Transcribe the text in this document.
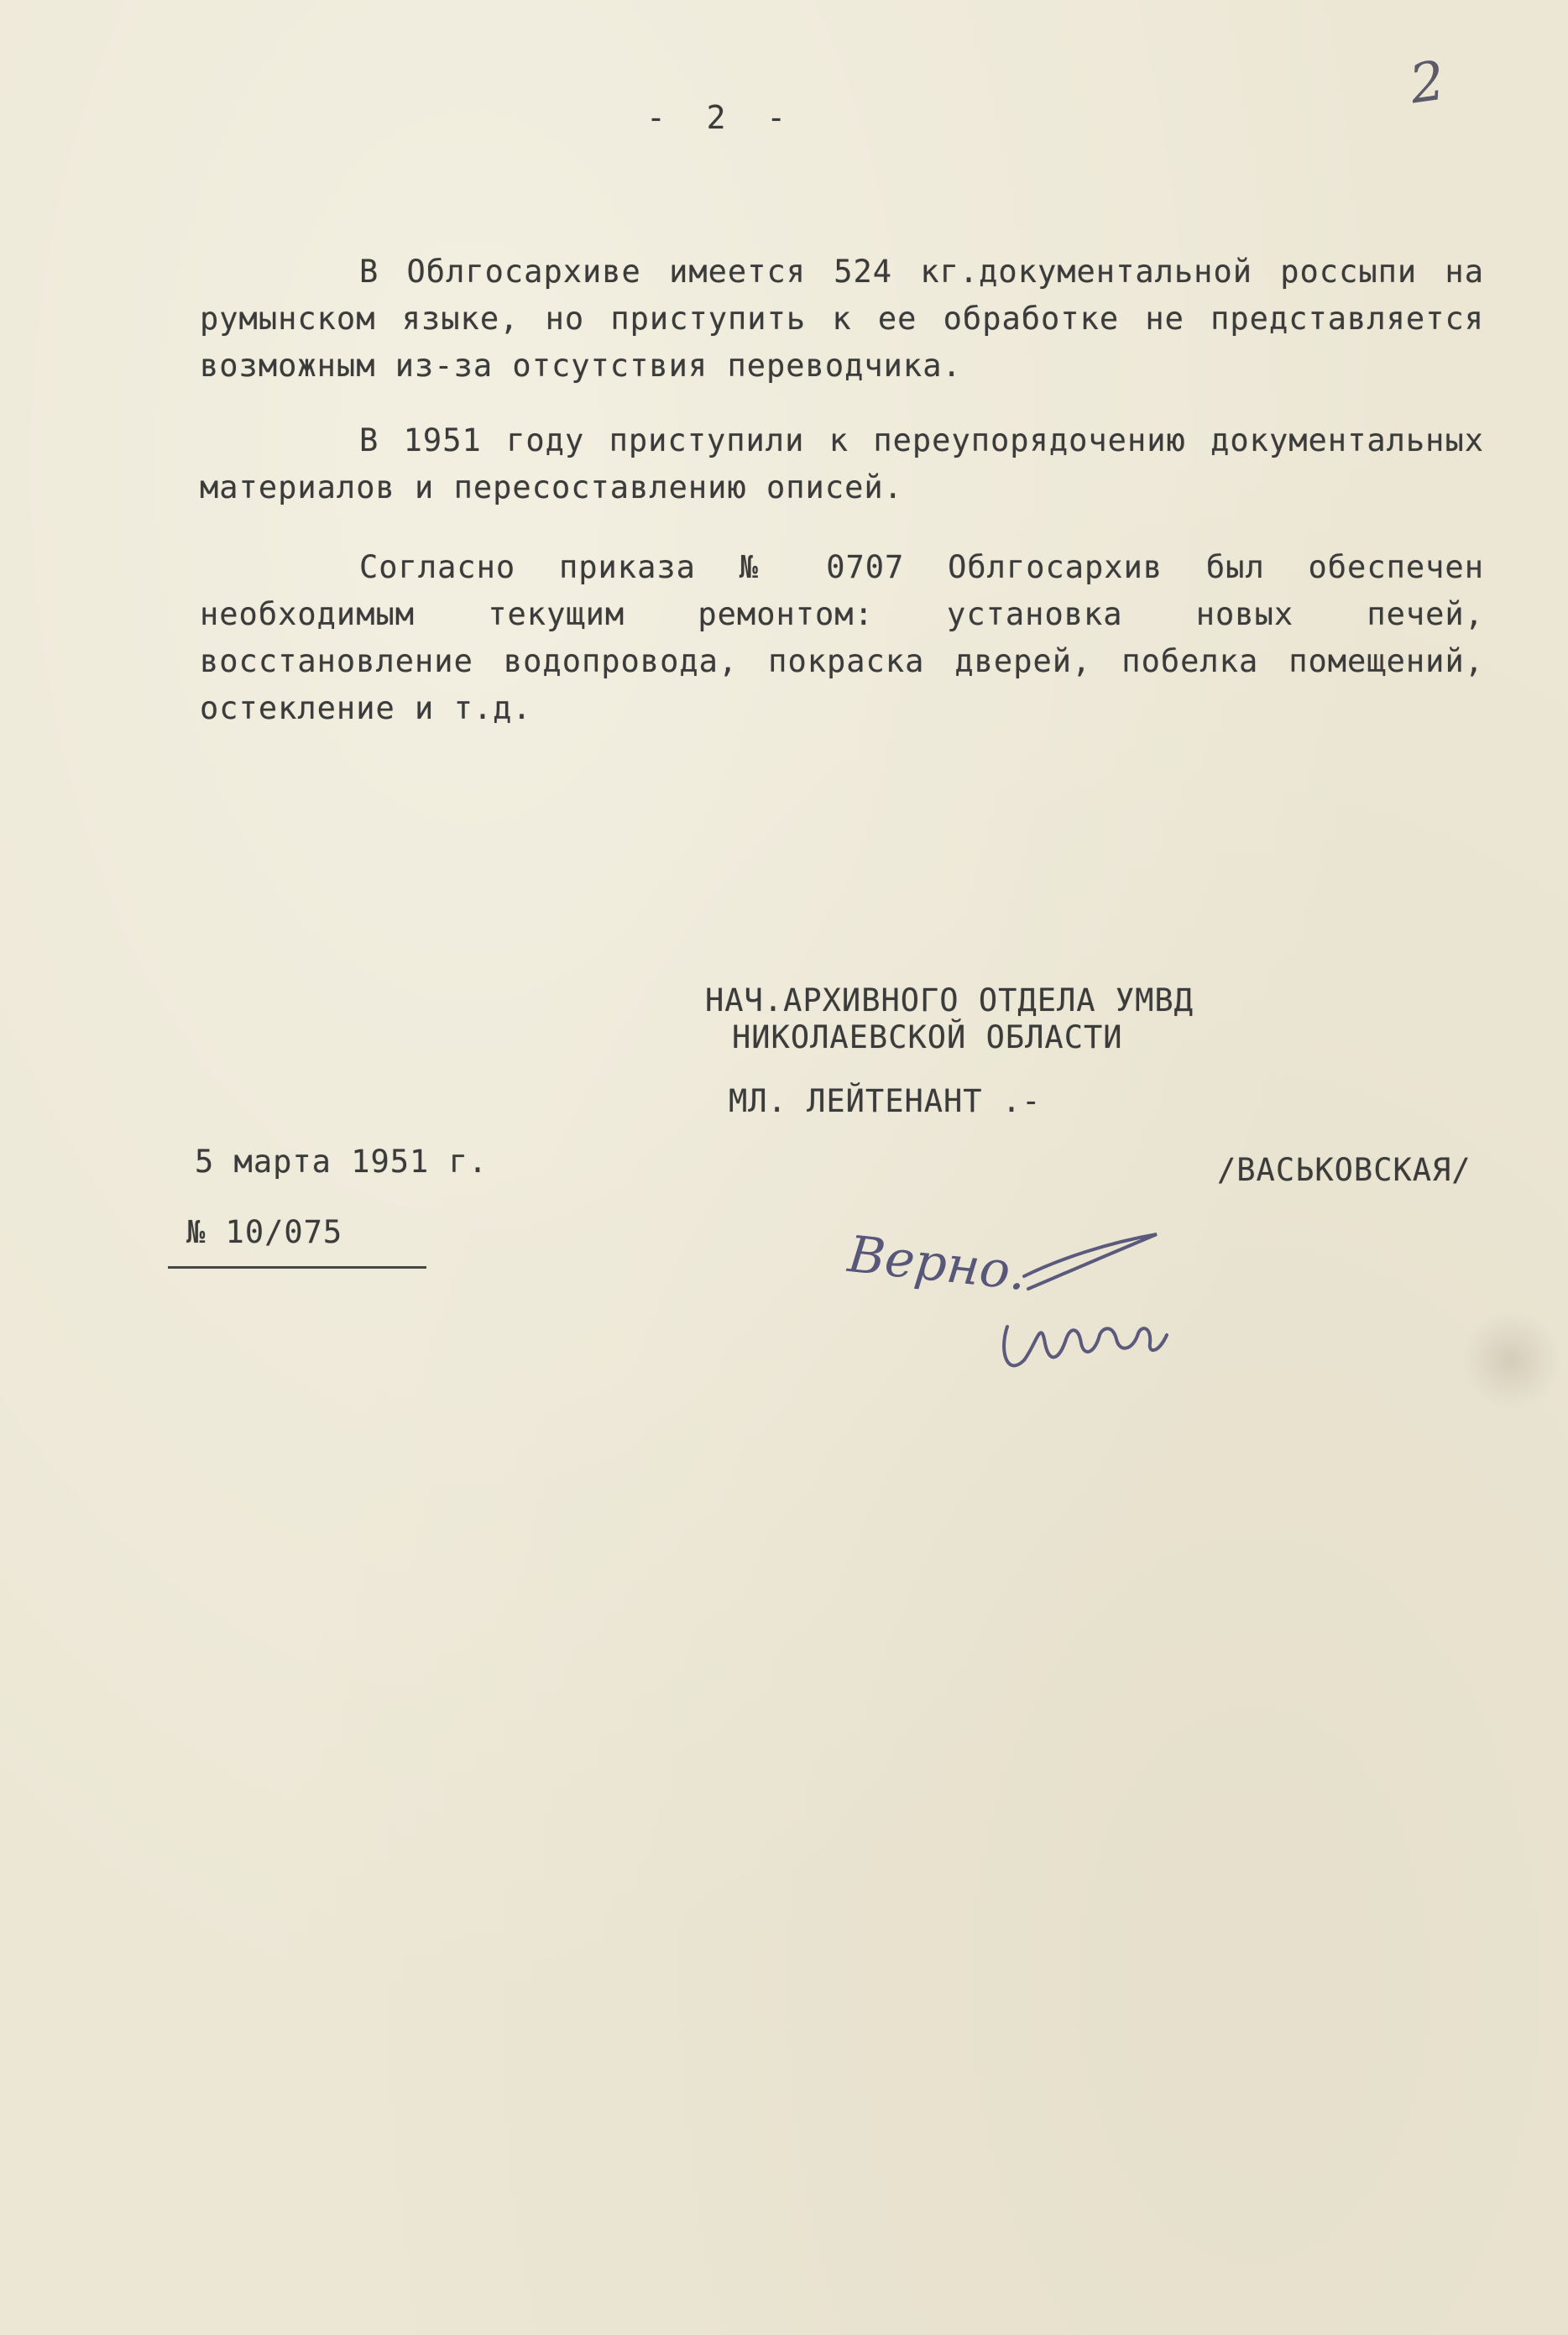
-  2  -
2
В Облгосархиве имеется 524 кг.документальной россыпи на румынском языке, но приступить к ее обработке не представляется возможным из-за отсутствия переводчика.
В 1951 году приступили к переупорядочению документальных материалов и пересоставлению описей.
Согласно приказа № 0707 Облгосархив был обеспечен необходимым текущим ремонтом: установка новых печей, восстановление водопровода, покраска дверей, побелка помещений, остекление и т.д.
НАЧ.АРХИВНОГО ОТДЕЛА УМВД
НИКОЛАЕВСКОЙ ОБЛАСТИ
МЛ. ЛЕЙТЕНАНТ .-
5 марта 1951 г.	/ВАСЬКОВСКАЯ/
№ 10/075	Верно.
